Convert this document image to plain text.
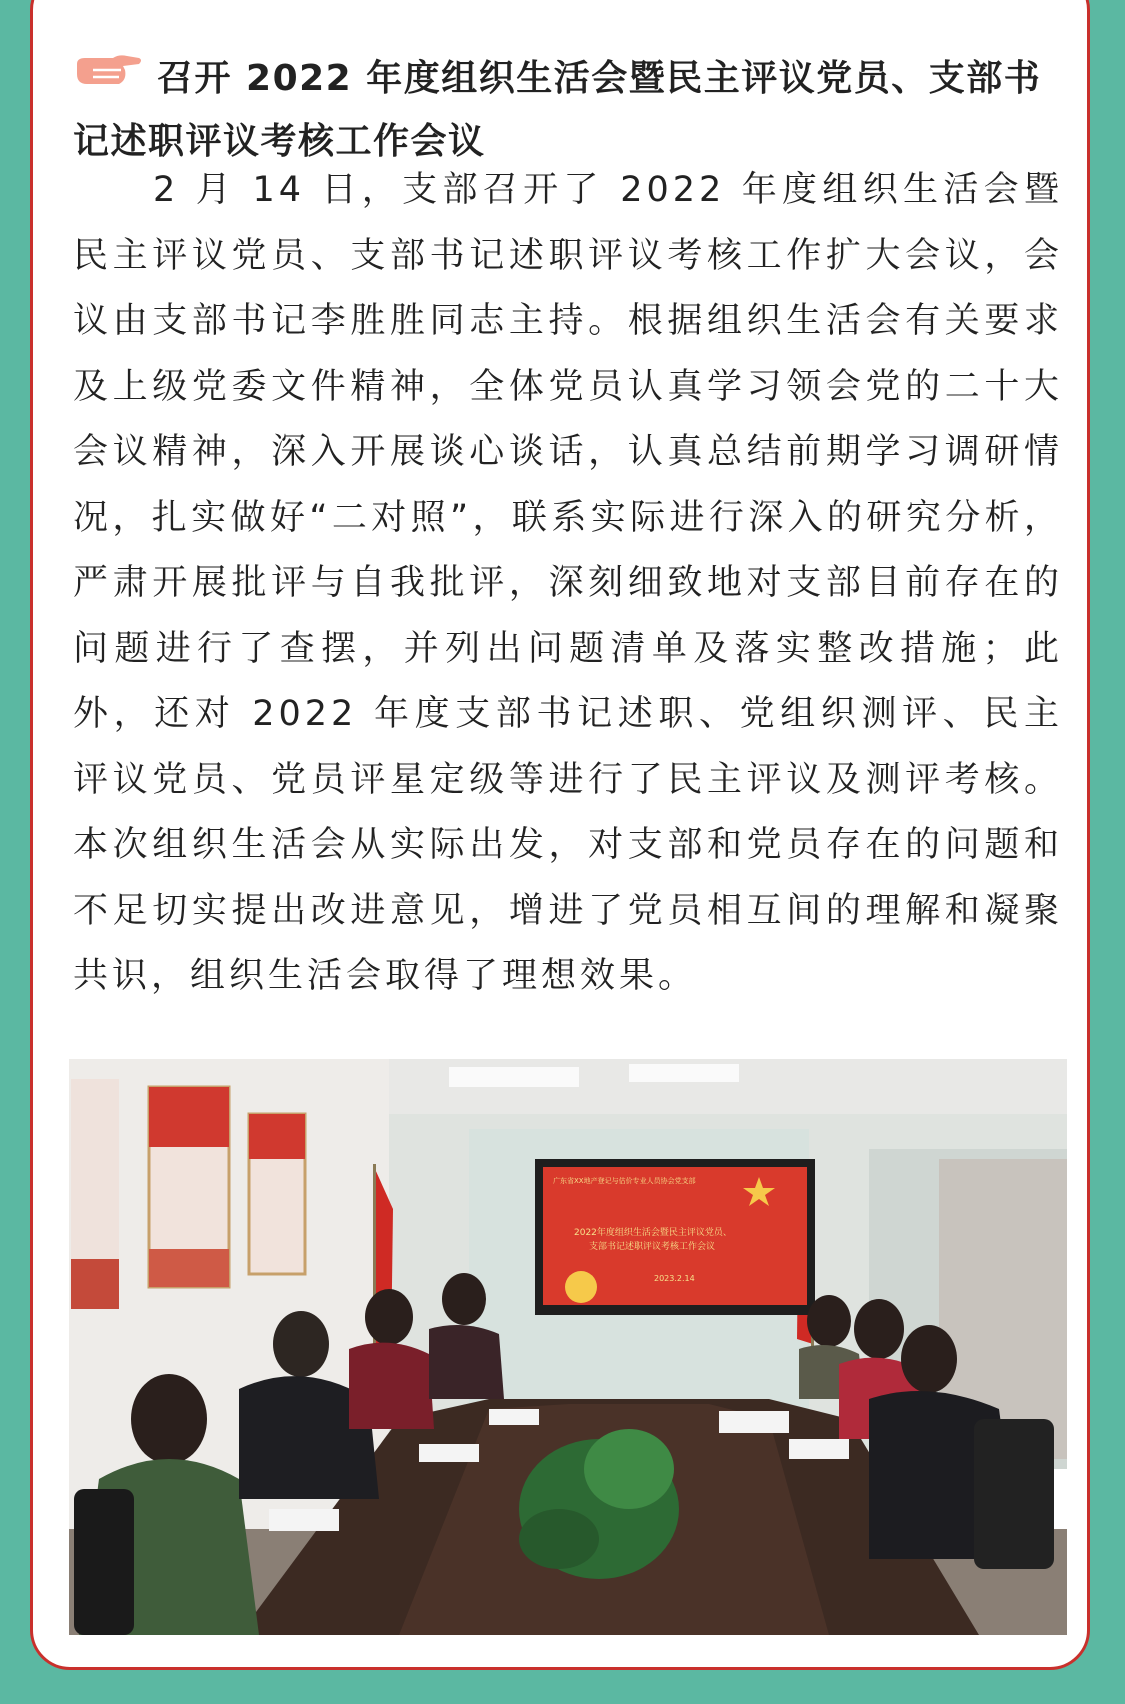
召开 2022 年度组织生活会暨民主评议党员、支部书记述职评议考核工作会议

2 月 14 日，支部召开了 2022 年度组织生活会暨民主评议党员、支部书记述职评议考核工作扩大会议，会议由支部书记李胜胜同志主持。根据组织生活会有关要求及上级党委文件精神，全体党员认真学习领会党的二十大会议精神，深入开展谈心谈话，认真总结前期学习调研情况，扎实做好“二对照”，联系实际进行深入的研究分析，严肃开展批评与自我批评，深刻细致地对支部目前存在的问题进行了查摆，并列出问题清单及落实整改措施；此外，还对 2022 年度支部书记述职、党组织测评、民主评议党员、党员评星定级等进行了民主评议及测评考核。本次组织生活会从实际出发，对支部和党员存在的问题和不足切实提出改进意见，增进了党员相互间的理解和凝聚共识，组织生活会取得了理想效果。

广东省XX地产登记与估价专业人员协会党支部
2022年度组织生活会暨民主评议党员、
支部书记述职评议考核工作会议
2023.2.14
